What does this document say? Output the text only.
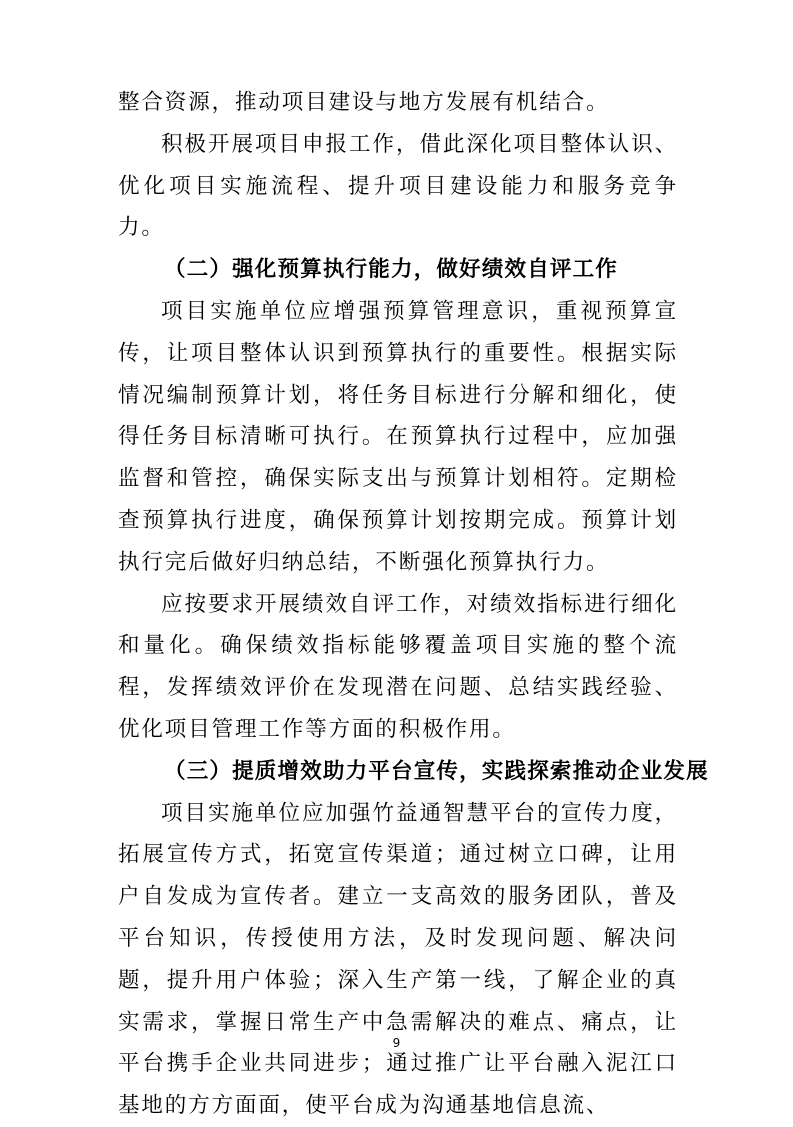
整合资源，推动项目建设与地方发展有机结合。

积极开展项目申报工作，借此深化项目整体认识、优化项目实施流程、提升项目建设能力和服务竞争力。

（二）强化预算执行能力，做好绩效自评工作

项目实施单位应增强预算管理意识，重视预算宣传，让项目整体认识到预算执行的重要性。根据实际情况编制预算计划，将任务目标进行分解和细化，使得任务目标清晰可执行。在预算执行过程中，应加强监督和管控，确保实际支出与预算计划相符。定期检查预算执行进度，确保预算计划按期完成。预算计划执行完后做好归纳总结，不断强化预算执行力。

应按要求开展绩效自评工作，对绩效指标进行细化和量化。确保绩效指标能够覆盖项目实施的整个流程，发挥绩效评价在发现潜在问题、总结实践经验、优化项目管理工作等方面的积极作用。

（三）提质增效助力平台宣传，实践探索推动企业发展

项目实施单位应加强竹益通智慧平台的宣传力度，拓展宣传方式，拓宽宣传渠道；通过树立口碑，让用户自发成为宣传者。建立一支高效的服务团队，普及平台知识，传授使用方法，及时发现问题、解决问题，提升用户体验；深入生产第一线，了解企业的真实需求，掌握日常生产中急需解决的难点、痛点，让平台携手企业共同进步；通过推广让平台融入泥江口基地的方方面面，使平台成为沟通基地信息流、

9
